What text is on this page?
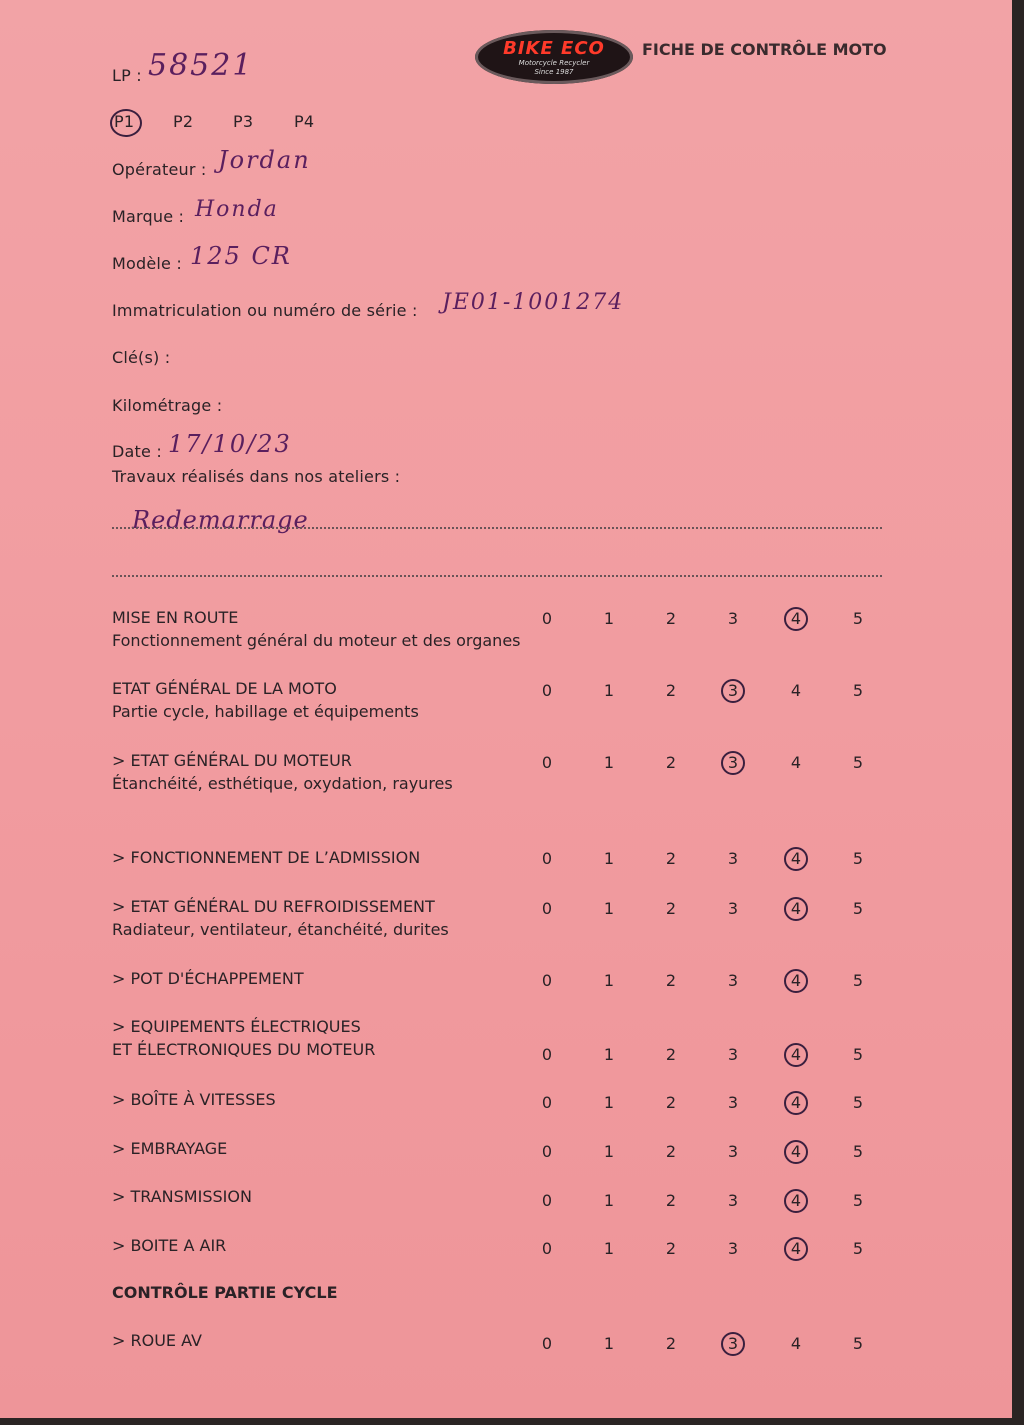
BIKE ECO
Motorcycle Recycler
Since 1987
FICHE DE CONTRÔLE MOTO
LP : 58521
P1 P2 P3	P4
Opérateur : Jordan
Marque : Honda
Modèle : 125 CR
Immatriculation ou numéro de série : JE01-1001274
Clé(s) :
Kilométrage :
Date : 17/10/23
Travaux réalisés dans nos ateliers :
Redemarrage
MISE EN ROUTE
Fonctionnement général du moteur et des organes
0	1	2	3	4	5
ETAT GÉNÉRAL DE LA MOTO
Partie cycle, habillage et équipements
0	1	2	3	4	5
> ETAT GÉNÉRAL DU MOTEUR
Étanchéité, esthétique, oxydation, rayures
0	1	2	3	4	5
> FONCTIONNEMENT DE L’ADMISSION	0	1	2	3	4	5
> ETAT GÉNÉRAL DU REFROIDISSEMENT
Radiateur, ventilateur, étanchéité, durites
0	1	2	3	4	5
> POT D'ÉCHAPPEMENT	0	1	2	3	4	5
> EQUIPEMENTS ÉLECTRIQUES
ET ÉLECTRONIQUES DU MOTEUR	0	1	2	3	4	5
> BOÎTE À VITESSES	0	1	2	3	4	5
> EMBRAYAGE	0	1	2	3	4	5
> TRANSMISSION	0	1	2	3	4	5
> BOITE A AIR	0	1	2	3	4	5
CONTRÔLE PARTIE CYCLE
> ROUE AV	0	1	2	3	4	5
